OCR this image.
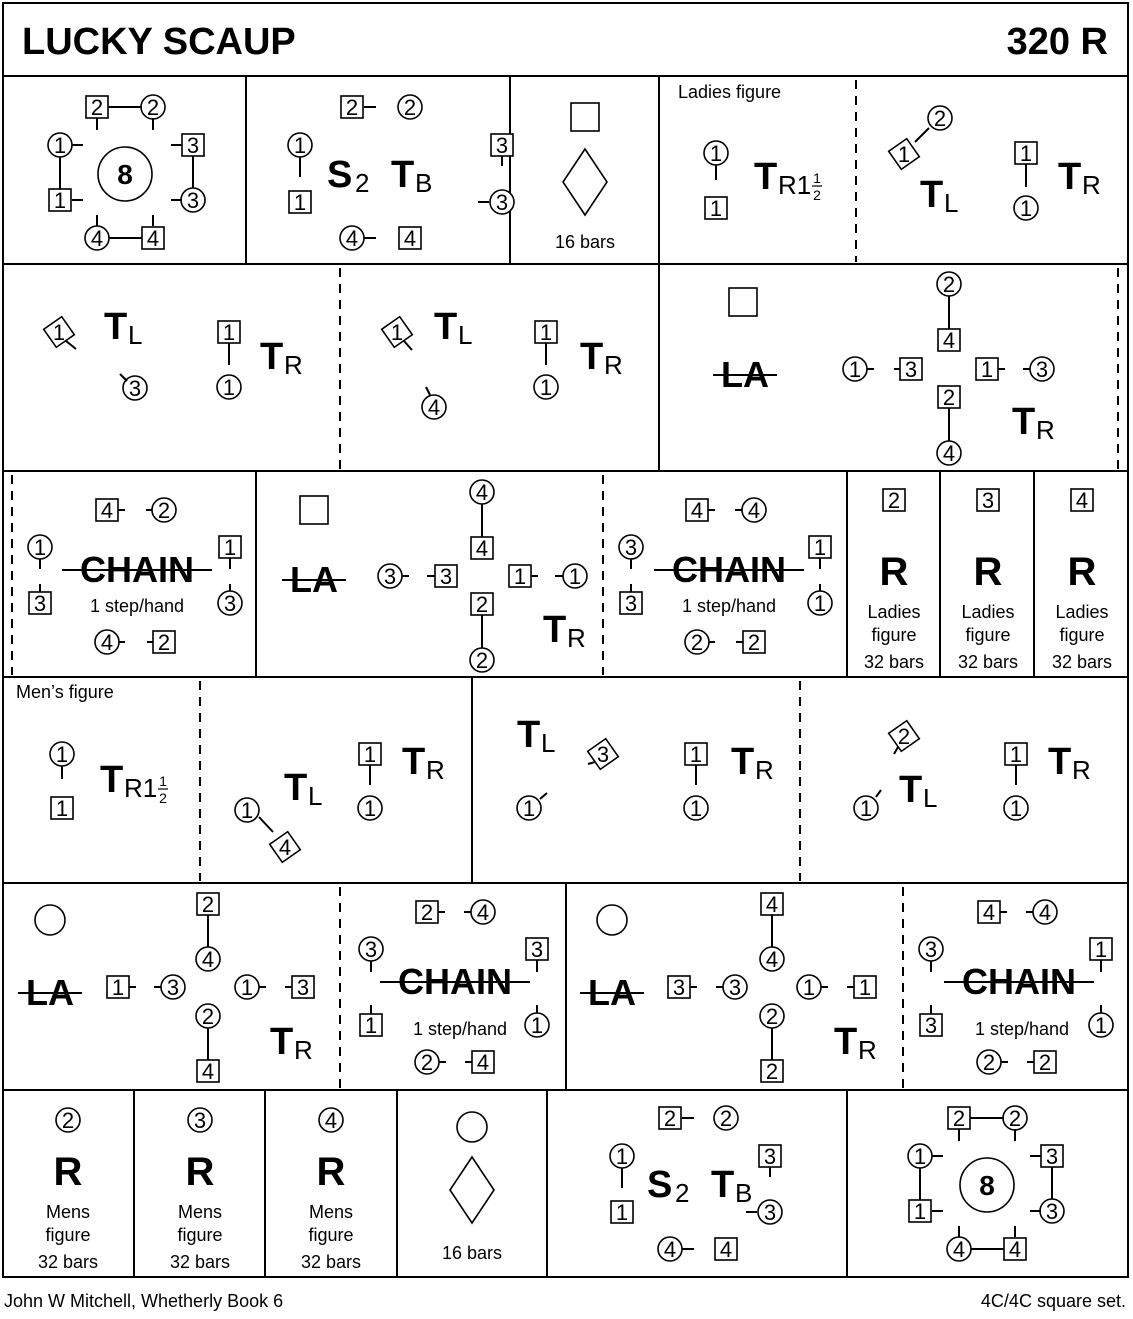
2 2
3
3
1
1
4 4
8
2 2
3
3
1
1
4 4
S 2 T B
16 bars
Ladies figure
1
1
T R1 1
2
1
2
T L
1
1
T R
1 T L
3
1
1
T R
1 T L
4
1
1
T R	LA
2
4
2
4
1 3	1 3
T R
4 2
1
3
CHAIN
1 step/hand
1
3
4 2
LA
4
4
2
2
3 3	1 1
T R
4 4
3
3
CHAIN
1 step/hand
1
1
2 2
2
R
Ladies
figure
32 bars
3
R
Ladies
figure
32 bars
4
R
Ladies
figure
32 bars
Men’s figure
1
1
T R1 1
2	T L
1
4
1
1
T R
T L 3
1
1
1
T R
2
1 T L
1
1
T R
LA
2
4
2
4
1 3	1 3
T R
2 4
3
1
CHAIN
1 step/hand
3
1
2 4
LA
4
4
2
2
3 3	1 1
T R
4 4
3
3
CHAIN
1 step/hand
1
1
2 2
2
R
Mens
figure
32 bars
3
R
Mens
figure
32 bars
4
R
Mens
figure
32 bars	16 bars
2 2
3
3
1
1
4 4
S 2 T B
2 2
3
3
1
1
4 4
8
LUCKY SCAUP	320 R
John W Mitchell, Whetherly Book 6	4C/4C square set.
